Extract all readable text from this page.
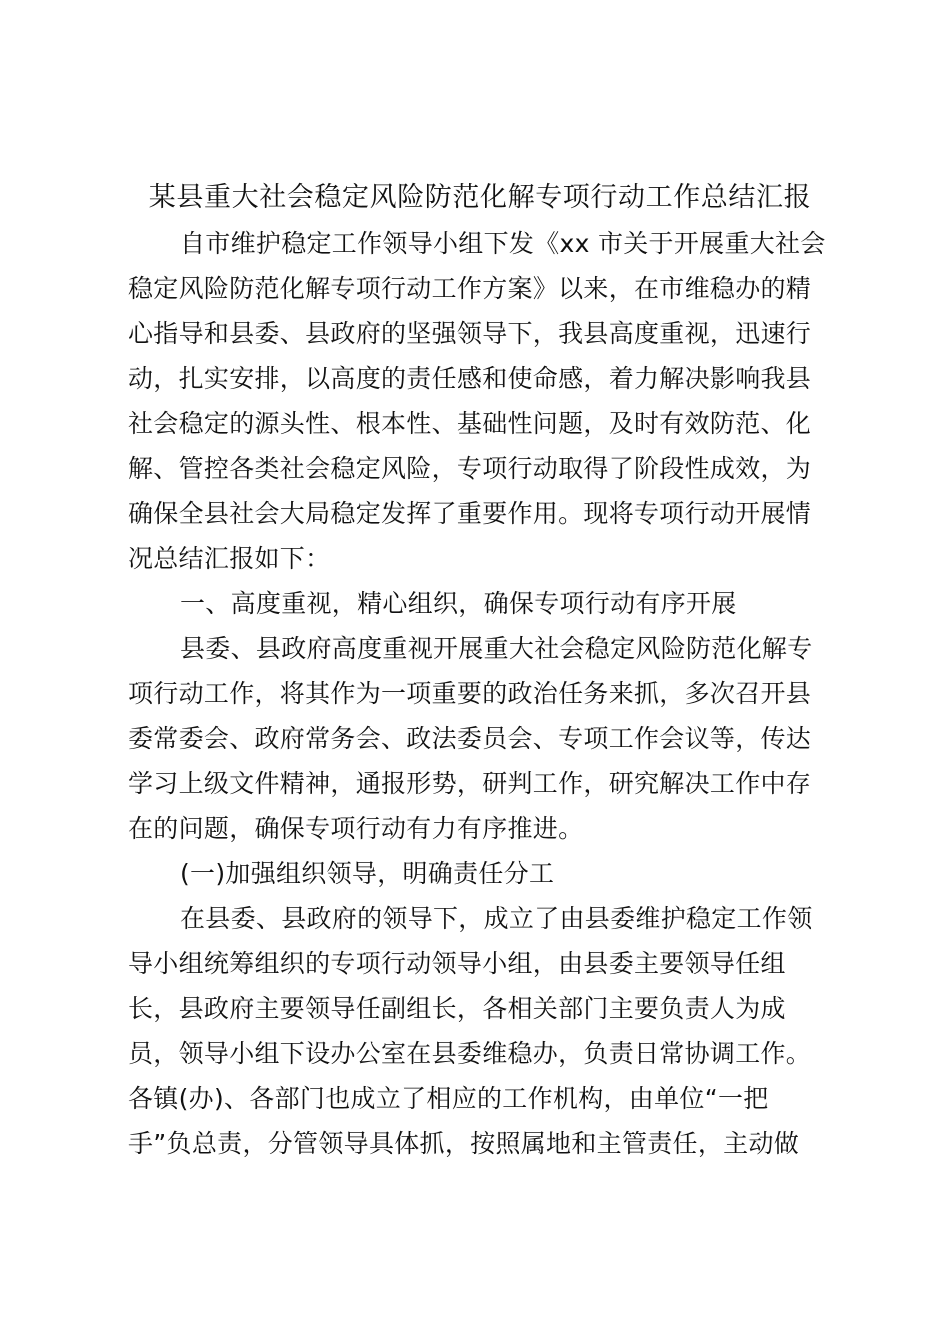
某县重大社会稳定风险防范化解专项行动工作总结汇报

自市维护稳定工作领导小组下发《xx 市关于开展重大社会

稳定风险防范化解专项行动工作方案》以来，在市维稳办的精

心指导和县委、县政府的坚强领导下，我县高度重视，迅速行

动，扎实安排，以高度的责任感和使命感，着力解决影响我县

社会稳定的源头性、根本性、基础性问题，及时有效防范、化

解、管控各类社会稳定风险，专项行动取得了阶段性成效，为

确保全县社会大局稳定发挥了重要作用。现将专项行动开展情

况总结汇报如下：

一、高度重视，精心组织，确保专项行动有序开展

县委、县政府高度重视开展重大社会稳定风险防范化解专

项行动工作，将其作为一项重要的政治任务来抓，多次召开县

委常委会、政府常务会、政法委员会、专项工作会议等，传达

学习上级文件精神，通报形势，研判工作，研究解决工作中存

在的问题，确保专项行动有力有序推进。

(一)加强组织领导，明确责任分工

在县委、县政府的领导下，成立了由县委维护稳定工作领

导小组统筹组织的专项行动领导小组，由县委主要领导任组

长，县政府主要领导任副组长，各相关部门主要负责人为成

员，领导小组下设办公室在县委维稳办，负责日常协调工作。

各镇(办)、各部门也成立了相应的工作机构，由单位“一把

手”负总责，分管领导具体抓，按照属地和主管责任，主动做
